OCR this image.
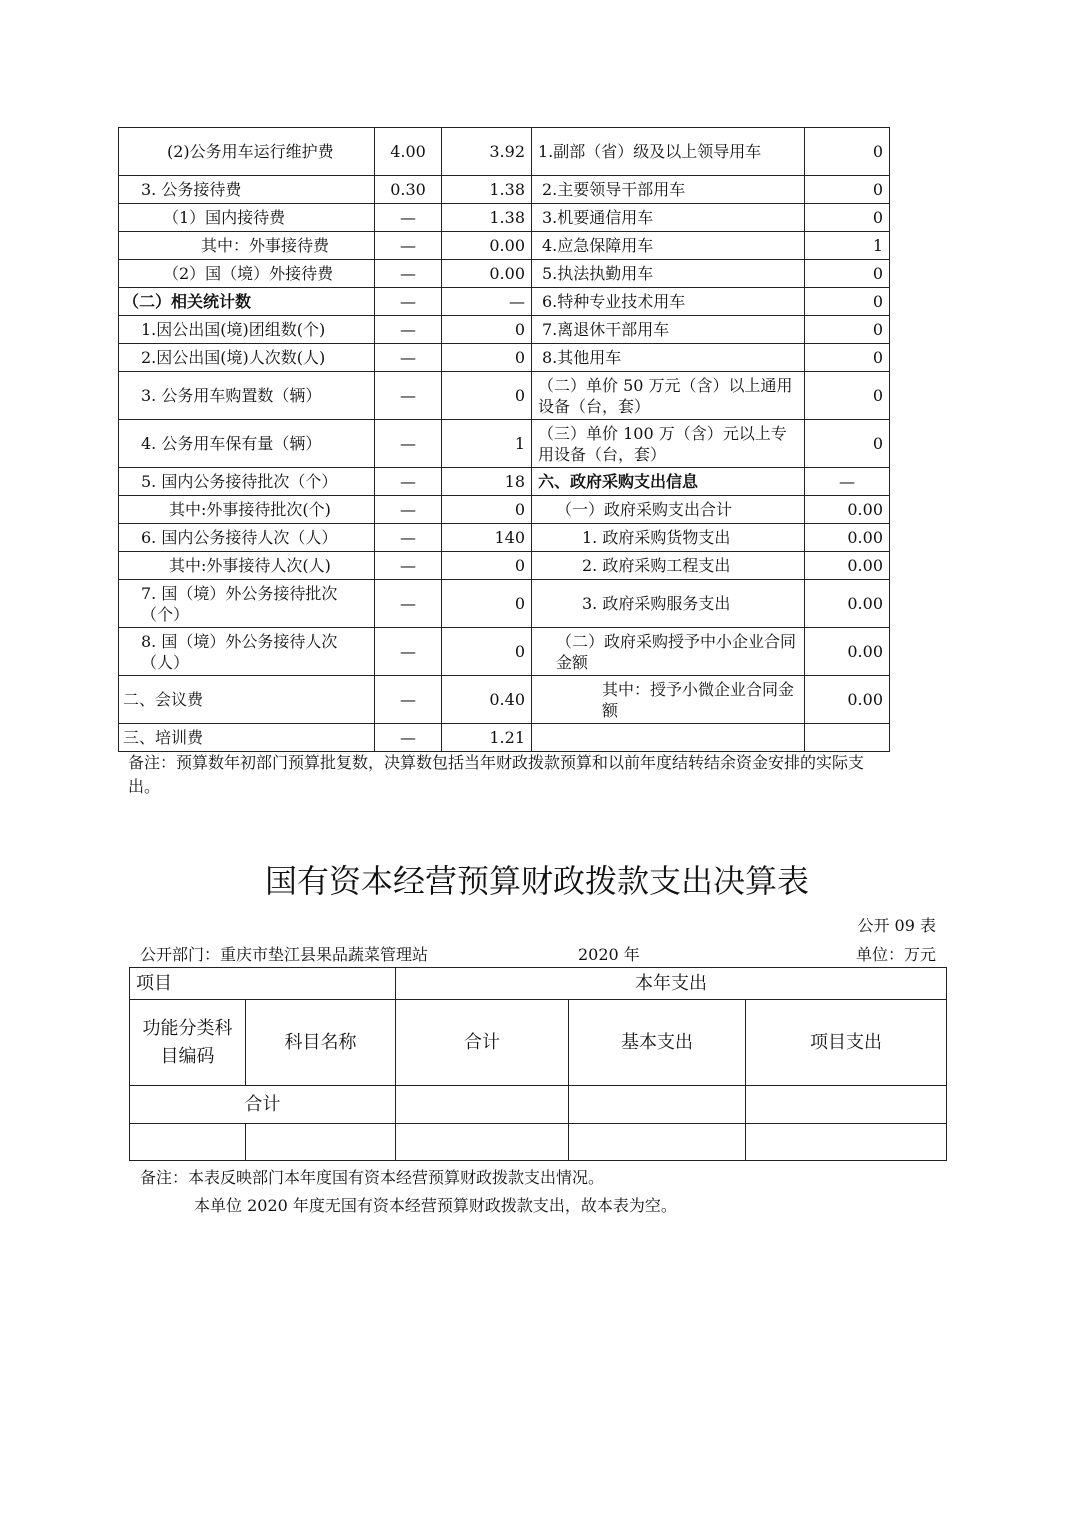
(2)公务用车运行维护费	4.00	3.92	1.副部（省）级及以上领导用车	0
3. 公务接待费	0.30	1.38	2.主要领导干部用车	0
（1）国内接待费	—	1.38	3.机要通信用车	0
其中：外事接待费	—	0.00	4.应急保障用车	1
（2）国（境）外接待费	—	0.00	5.执法执勤用车	0
（二）相关统计数	—	—	6.特种专业技术用车	0
1.因公出国(境)团组数(个)	—	0	7.离退休干部用车	0
2.因公出国(境)人次数(人)	—	0	8.其他用车	0
3. 公务用车购置数（辆）	—	0	（二）单价 50 万元（含）以上通用设备（台，套）	0
4. 公务用车保有量（辆）	—	1	（三）单价 100 万（含）元以上专用设备（台，套）	0
5. 国内公务接待批次（个）	—	18	六、政府采购支出信息	—
其中:外事接待批次(个)	—	0	（一）政府采购支出合计	0.00
6. 国内公务接待人次（人）	—	140	1. 政府采购货物支出	0.00
其中:外事接待人次(人)	—	0	2. 政府采购工程支出	0.00
7. 国（境）外公务接待批次（个）	—	0	3. 政府采购服务支出	0.00
8. 国（境）外公务接待人次（人）	—	0	（二）政府采购授予中小企业合同金额	0.00
二、会议费	—	0.40	其中：授予小微企业合同金额	0.00
三、培训费	—	1.21		
备注：预算数年初部门预算批复数，决算数包括当年财政拨款预算和以前年度结转结余资金安排的实际支出。
国有资本经营预算财政拨款支出决算表
公开 09 表
公开部门：重庆市垫江县果品蔬菜管理站	2020 年	单位：万元
项目		本年支出		
功能分类科目编码	科目名称	合计	基本支出	项目支出
合计				

备注：本表反映部门本年度国有资本经营预算财政拨款支出情况。
本单位 2020 年度无国有资本经营预算财政拨款支出，故本表为空。
